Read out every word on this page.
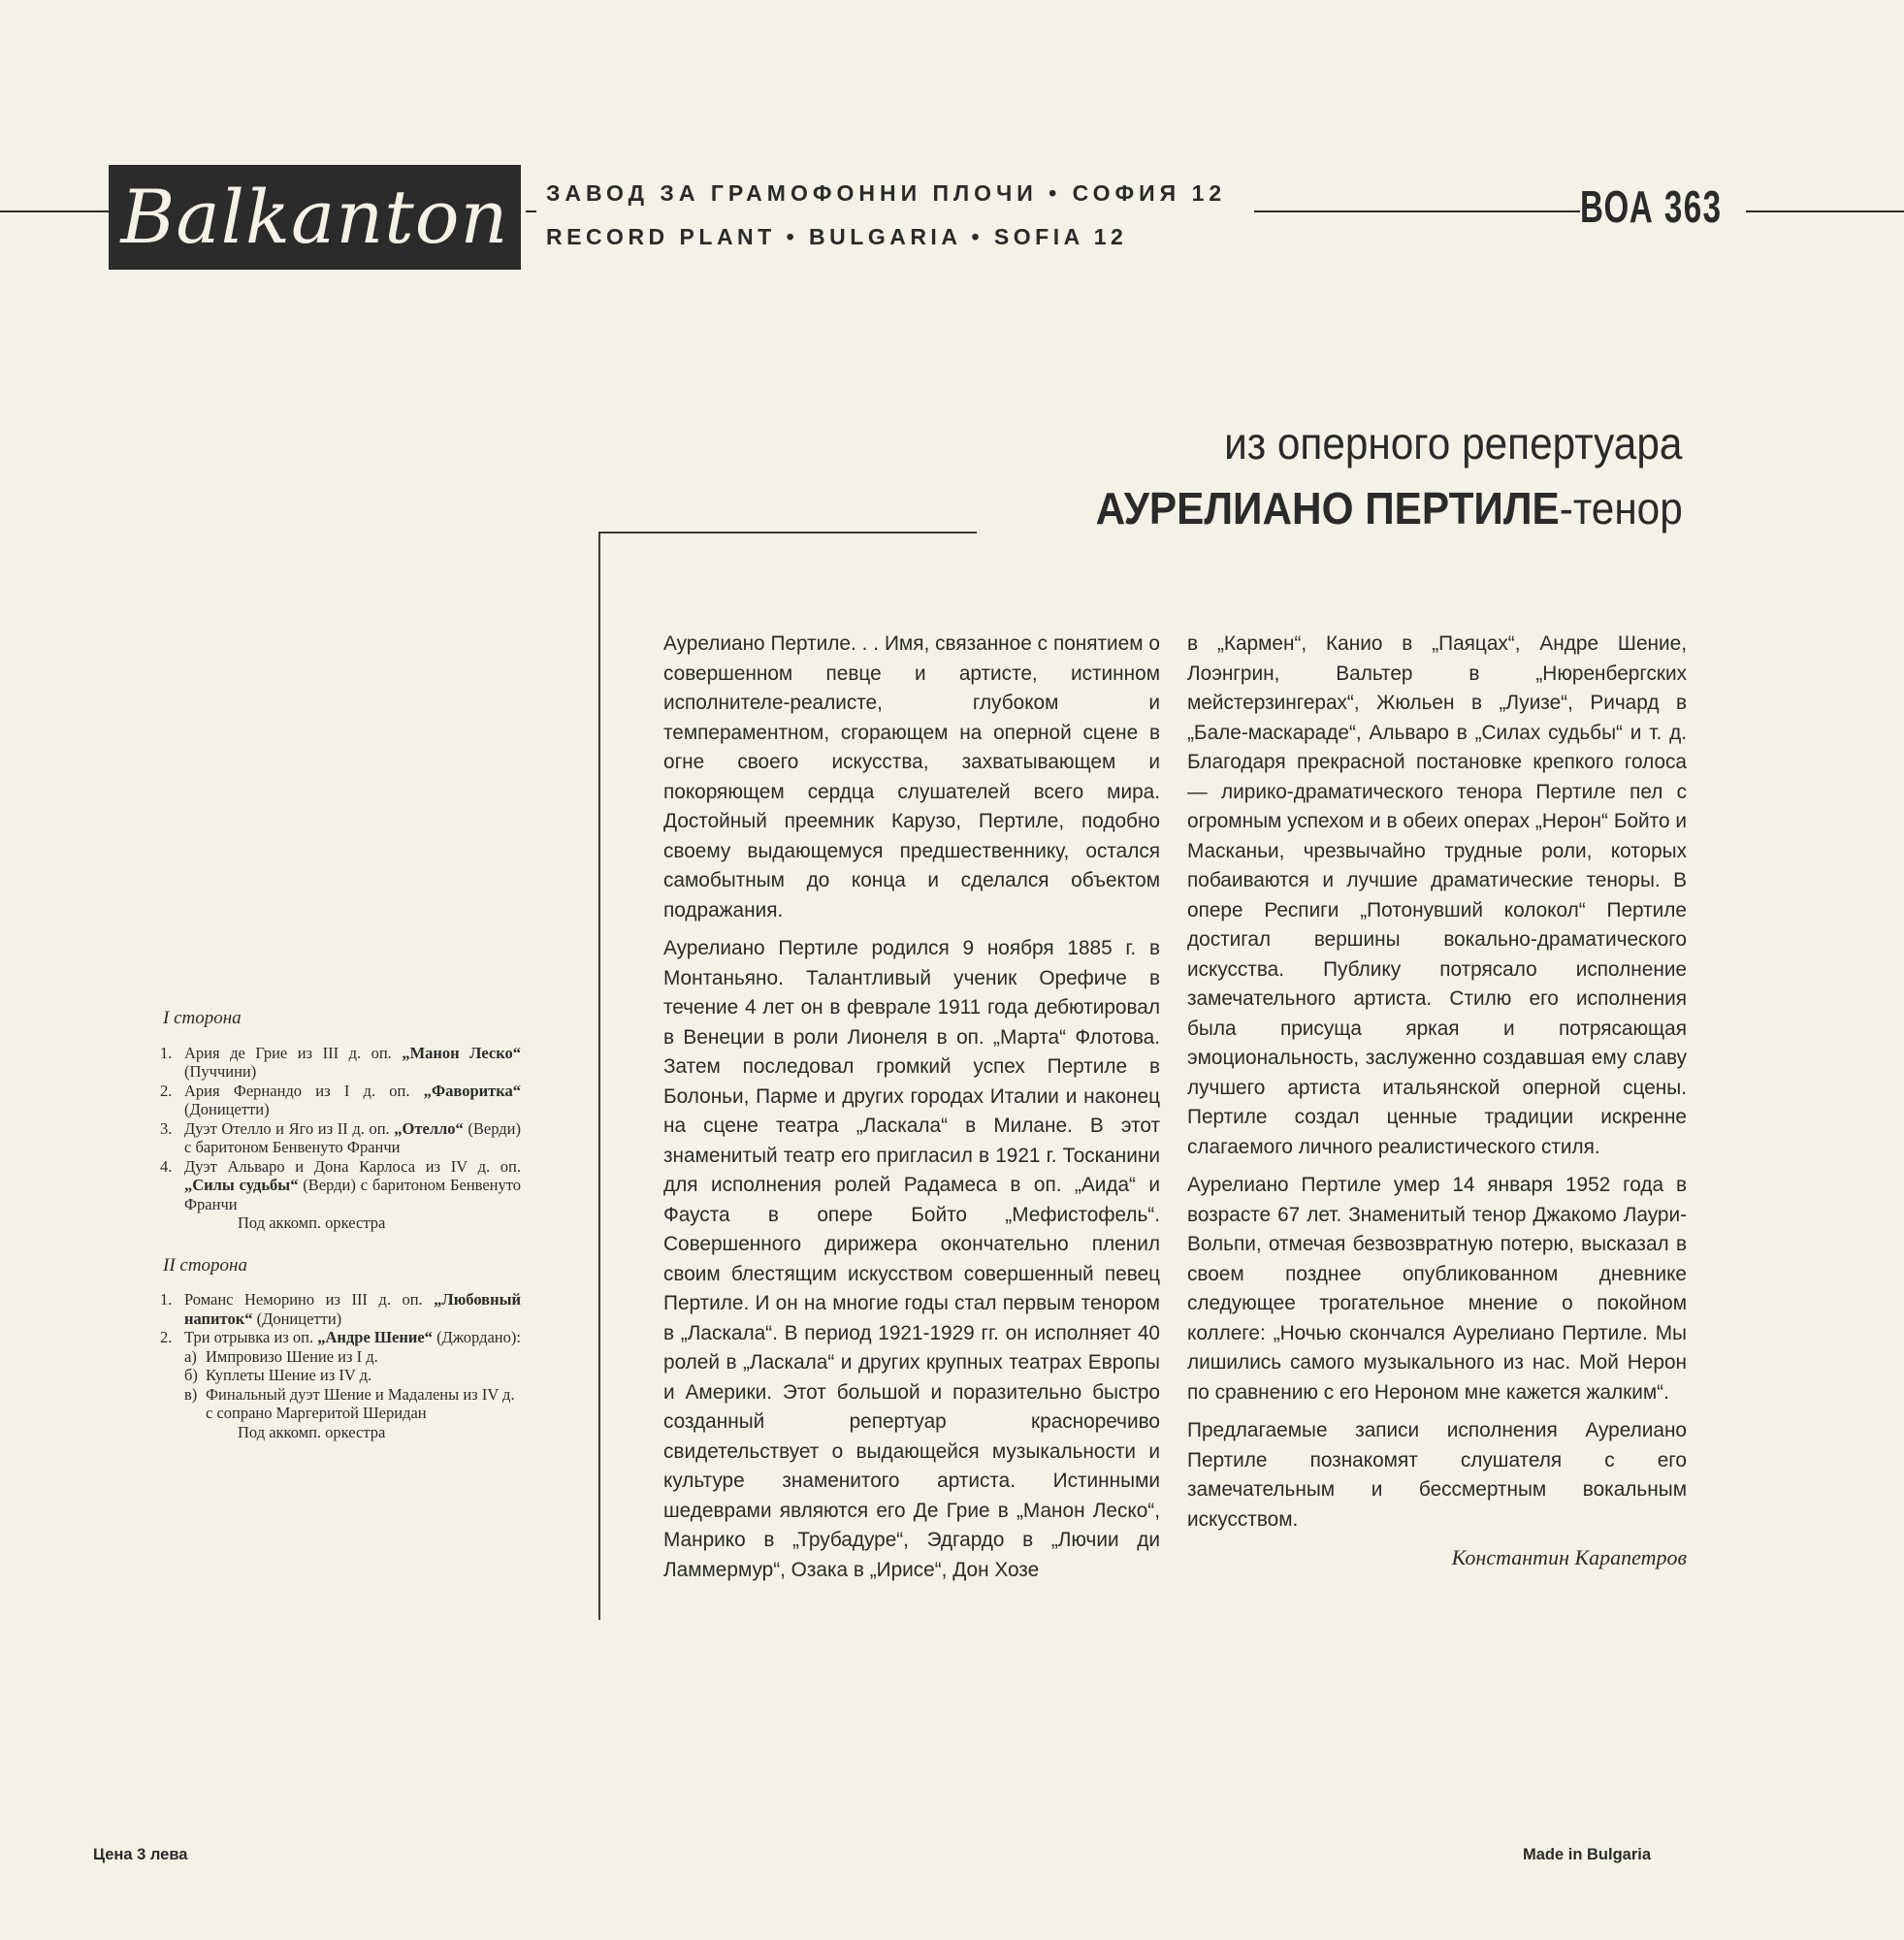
Balkanton ЗАВОД ЗА ГРАМОФОННИ ПЛОЧИ • СОФИЯ 12
RECORD PLANT • BULGARIA • SOFIA 12
ВОА 363
из оперного репертуара
АУРЕЛИАНО ПЕРТИЛЕ-тенор

Аурелиано Пертиле. . . Имя, связанное с понятием о совершенном певце и артисте, истинном исполнителе-реалисте, глубоком и темпераментном, сгорающем на оперной сцене в огне своего искусства, захватывающем и покоряющем сердца слушателей всего мира. Достойный преемник Карузо, Пертиле, подобно своему выдающемуся предшественнику, остался самобытным до конца и сделался объектом подражания.

Аурелиано Пертиле родился 9 ноября 1885 г. в Монтаньяно. Талантливый ученик Орефиче в течение 4 лет он в феврале 1911 года дебютировал в Венеции в роли Лионеля в оп. „Марта“ Флотова. Затем последовал громкий успех Пертиле в Болоньи, Парме и других городах Италии и наконец на сцене театра „Ласкала“ в Милане. В этот знаменитый театр его пригласил в 1921 г. Тосканини для исполнения ролей Радамеса в оп. „Аида“ и Фауста в опере Бойто „Мефистофель“. Совершенного дирижера окончательно пленил своим блестящим искусством совершенный певец Пертиле. И он на многие годы стал первым тенором в „Ласкала“. В период 1921-1929 гг. он исполняет 40 ролей в „Ласкала“ и других крупных театрах Европы и Америки. Этот большой и поразительно быстро созданный репертуар красноречиво свидетельствует о выдающейся музыкальности и культуре знаменитого артиста. Истинными шедеврами являются его Де Грие в „Манон Леско“, Манрико в „Трубадуре“, Эдгардо в „Лючии ди Ламмермур“, Озака в „Ирисе“, Дон Хозе

в „Кармен“, Канио в „Паяцах“, Андре Шение, Лоэнгрин, Вальтер в „Нюренбергских мейстерзингерах“, Жюльен в „Луизе“, Ричард в „Бале-маскараде“, Альваро в „Силах судьбы“ и т. д. Благодаря прекрасной постановке крепкого голоса — лирико-драматического тенора Пертиле пел с огромным успехом и в обеих операх „Нерон“ Бойто и Масканьи, чрезвычайно трудные роли, которых побаиваются и лучшие драматические теноры. В опере Респиги „Потонувший колокол“ Пертиле достигал вершины вокально-драматического искусства. Публику потрясало исполнение замечательного артиста. Стилю его исполнения была присуща яркая и потрясающая эмоциональность, заслуженно создавшая ему славу лучшего артиста итальянской оперной сцены. Пертиле создал ценные традиции искренне слагаемого личного реалистического стиля.

Аурелиано Пертиле умер 14 января 1952 года в возрасте 67 лет. Знаменитый тенор Джакомо Лаури-Вольпи, отмечая безвозвратную потерю, высказал в своем позднее опубликованном дневнике следующее трогательное мнение о покойном коллеге: „Ночью скончался Аурелиано Пертиле. Мы лишились самого музыкального из нас. Мой Нерон по сравнению с его Нероном мне кажется жалким“.

Предлагаемые записи исполнения Аурелиано Пертиле познакомят слушателя с его замечательным и бессмертным вокальным искусством.

Константин Карапетров

I сторона
1. Ария де Грие из III д. оп. „Манон Леско“ (Пуччини)
2. Ария Фернандо из I д. оп. „Фаворитка“ (Доницетти)
3. Дуэт Отелло и Яго из II д. оп. „Отелло“ (Верди) с баритоном Бенвенуто Франчи
4. Дуэт Альваро и Дона Карлоса из IV д. оп. „Силы судьбы“ (Верди) с баритоном Бенвенуто Франчи
Под аккомп. оркестра
II сторона
1. Романс Неморино из III д. оп. „Любовный напиток“ (Доницетти)
2. Три отрывка из оп. „Андре Шение“ (Джордано):
а) Импровизо Шение из I д.
б) Куплеты Шение из IV д.
в) Финальный дуэт Шение и Мадалены из IV д. с сопрано Маргеритой Шеридан
Под аккомп. оркестра
Цена 3 лева	Made in Bulgaria
